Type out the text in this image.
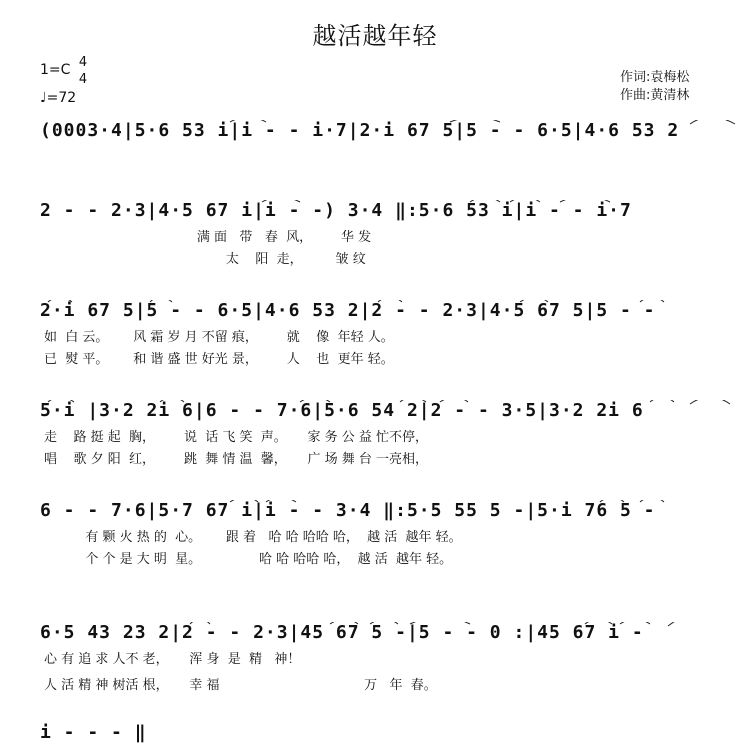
越活越年轻
1=C 4
4
♩=72
作词:袁梅松
作曲:黄清林
(0003·4|5·6 53 i|i - - i·7|2·i 67 5|5 - - 6·5|4·6 53 2
2 - - 2·3|4·5 67 i|i - -) 3·4 ‖:5·6 53 i|i - - i·7
满 面   带   春  风，       华 发
太    阳  走，        皱 纹
2·i 67 5|5 - - 6·5|4·6 53 2|2 - - 2·3|4·5 67 5|5 - -
如  白 云。      风 霜 岁 月 不留 痕，       就    像  年轻 人。
已  熨 平。      和 谐 盛 世 好光 景，       人    也  更年 轻。
5·i |3·2 2i 6|6 - - 7·6|5·6 54 2|2 - - 3·5|3·2 2i 6
走    路 挺 起  胸，       说  话 飞 笑  声。     家 务 公 益 忙不停，
唱    歌 夕 阳  红，       跳  舞 情 温  馨，     广 场 舞 台 一亮相，
6 - - 7·6|5·7 67 i|i - - 3·4 ‖:5·5 55 5 -|5·i 76 5 -
有 颗 火 热 的  心。      跟 着   哈 哈 哈哈 哈，  越 活  越年 轻。
个 个 是 大 明  星。              哈 哈 哈哈 哈，  越 活  越年 轻。
6·5 43 23 2|2 - - 2·3|45 67 5 -|5 - - 0 :|45 67 i -
心 有 追 求 人不 老，     浑 身  是  精   神！
人 活 精 神 树活 根，     幸 福                                   万   年  春。
i - - - ‖
